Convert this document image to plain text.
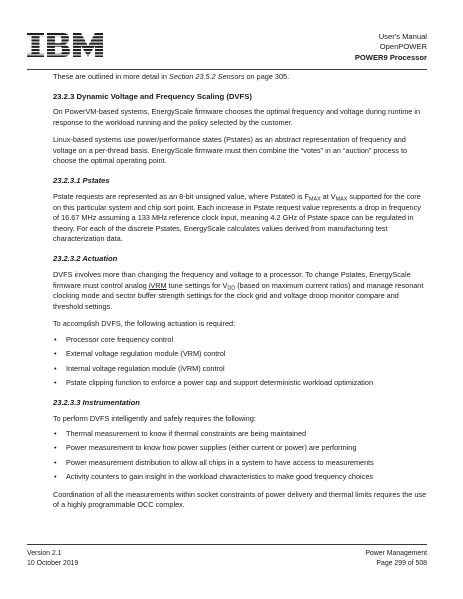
User's Manual
OpenPOWER
POWER9 Processor

These are outlined in more detail in Section 23.5.2 Sensors on page 305.

23.2.3 Dynamic Voltage and Frequency Scaling (DVFS)

On PowerVM-based systems, EnergyScale firmware chooses the optimal frequency and voltage during runtime in response to the workload running and the policy selected by the customer.

Linux-based systems use power/performance states (Pstates) as an abstract representation of frequency and voltage on a per-thread basis. EnergyScale firmware must then combine the “votes” in an “auction” process to choose the optimal operating point.

23.2.3.1 Pstates

Pstate requests are represented as an 8-bit unsigned value, where Pstate0 is $F_{MAX}$ at $V_{MAX}$ supported for the core on this particular system and chip sort point. Each increase in Pstate request value represents a drop in frequency of 16.67 MHz assuming a 133 MHz reference clock input, meaning 4.2 GHz of Pstate space can be regulated in theory. For each of the discrete Pstates, EnergyScale calculates values derived from manufacturing test characterization data.

23.2.3.2 Actuation

DVFS involves more than changing the frequency and voltage to a processor. To change Pstates, EnergyScale firmware must control analog iVRM tune settings for $V_{DD}$ (based on maximum current ratios) and manage resonant clocking mode and sector buffer strength settings for the clock grid and voltage droop monitor compare and threshold settings.

To accomplish DVFS, the following actuation is required:

• Processor core frequency control
• External voltage regulation module (VRM) control
• Internal voltage regulation module (iVRM) control
• Pstate clipping function to enforce a power cap and support deterministic workload optimization
23.2.3.3 Instrumentation

To perform DVFS intelligently and safely requires the following:

• Thermal measurement to know if thermal constraints are being maintained
• Power measurement to know how power supplies (either current or power) are performing
• Power measurement distribution to allow all chips in a system to have access to measurements
• Activity counters to gain insight in the workload characteristics to make good frequency choices

Coordination of all the measurements within socket constraints of power delivery and thermal limits requires the use of a highly programmable OCC complex.

Version 2.1
10 October 2019
Power Management
Page 299 of 508
